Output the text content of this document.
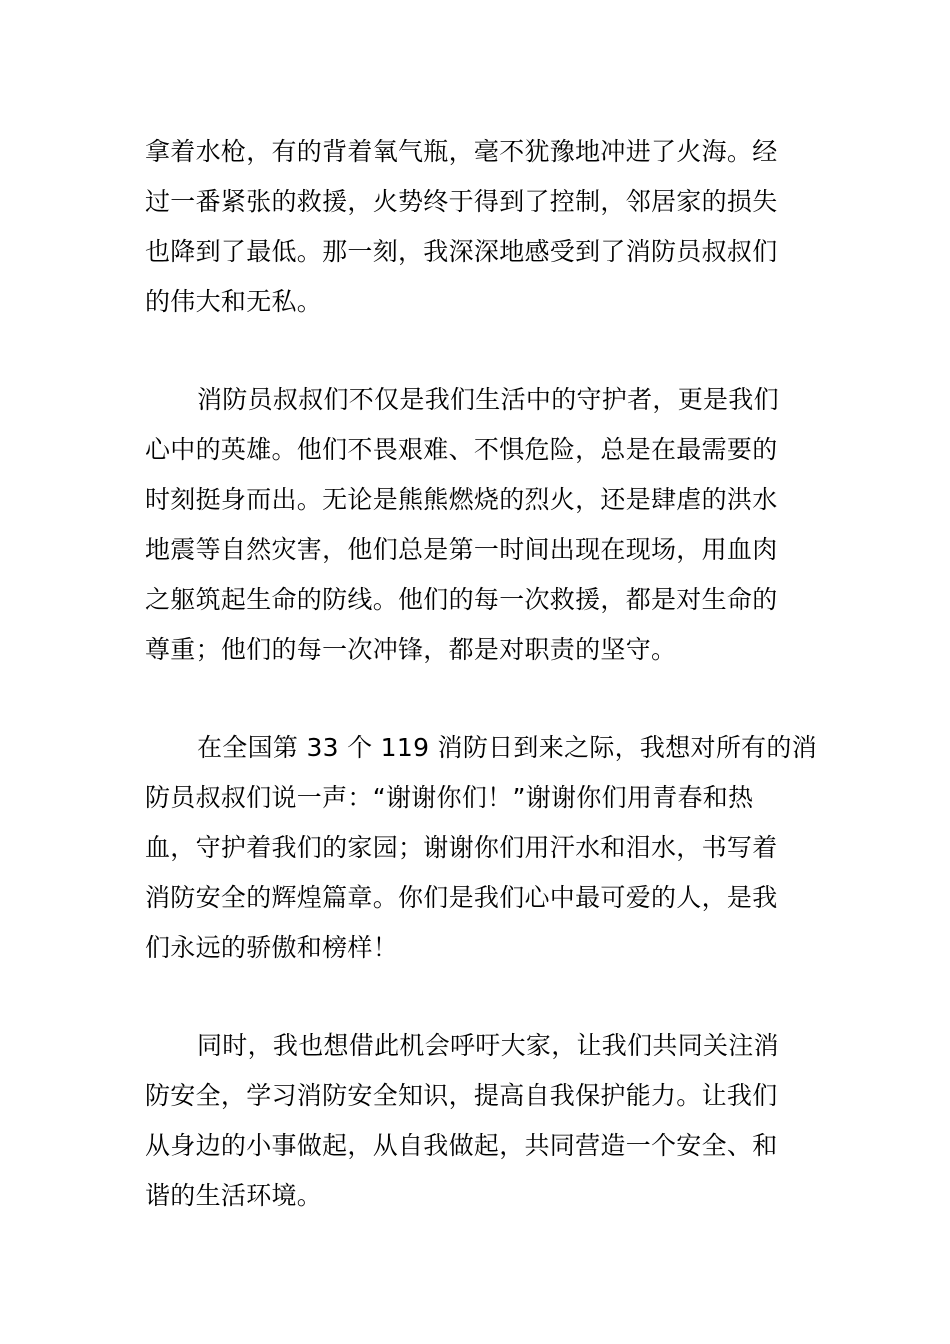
拿着水枪，有的背着氧气瓶，毫不犹豫地冲进了火海。经
过一番紧张的救援，火势终于得到了控制，邻居家的损失
也降到了最低。那一刻，我深深地感受到了消防员叔叔们
的伟大和无私。
消防员叔叔们不仅是我们生活中的守护者，更是我们
心中的英雄。他们不畏艰难、不惧危险，总是在最需要的
时刻挺身而出。无论是熊熊燃烧的烈火，还是肆虐的洪水
地震等自然灾害，他们总是第一时间出现在现场，用血肉
之躯筑起生命的防线。他们的每一次救援，都是对生命的
尊重；他们的每一次冲锋，都是对职责的坚守。
在全国第 33 个 119 消防日到来之际，我想对所有的消
防员叔叔们说一声：“谢谢你们！”谢谢你们用青春和热
血，守护着我们的家园；谢谢你们用汗水和泪水，书写着
消防安全的辉煌篇章。你们是我们心中最可爱的人，是我
们永远的骄傲和榜样！
同时，我也想借此机会呼吁大家，让我们共同关注消
防安全，学习消防安全知识，提高自我保护能力。让我们
从身边的小事做起，从自我做起，共同营造一个安全、和
谐的生活环境。
